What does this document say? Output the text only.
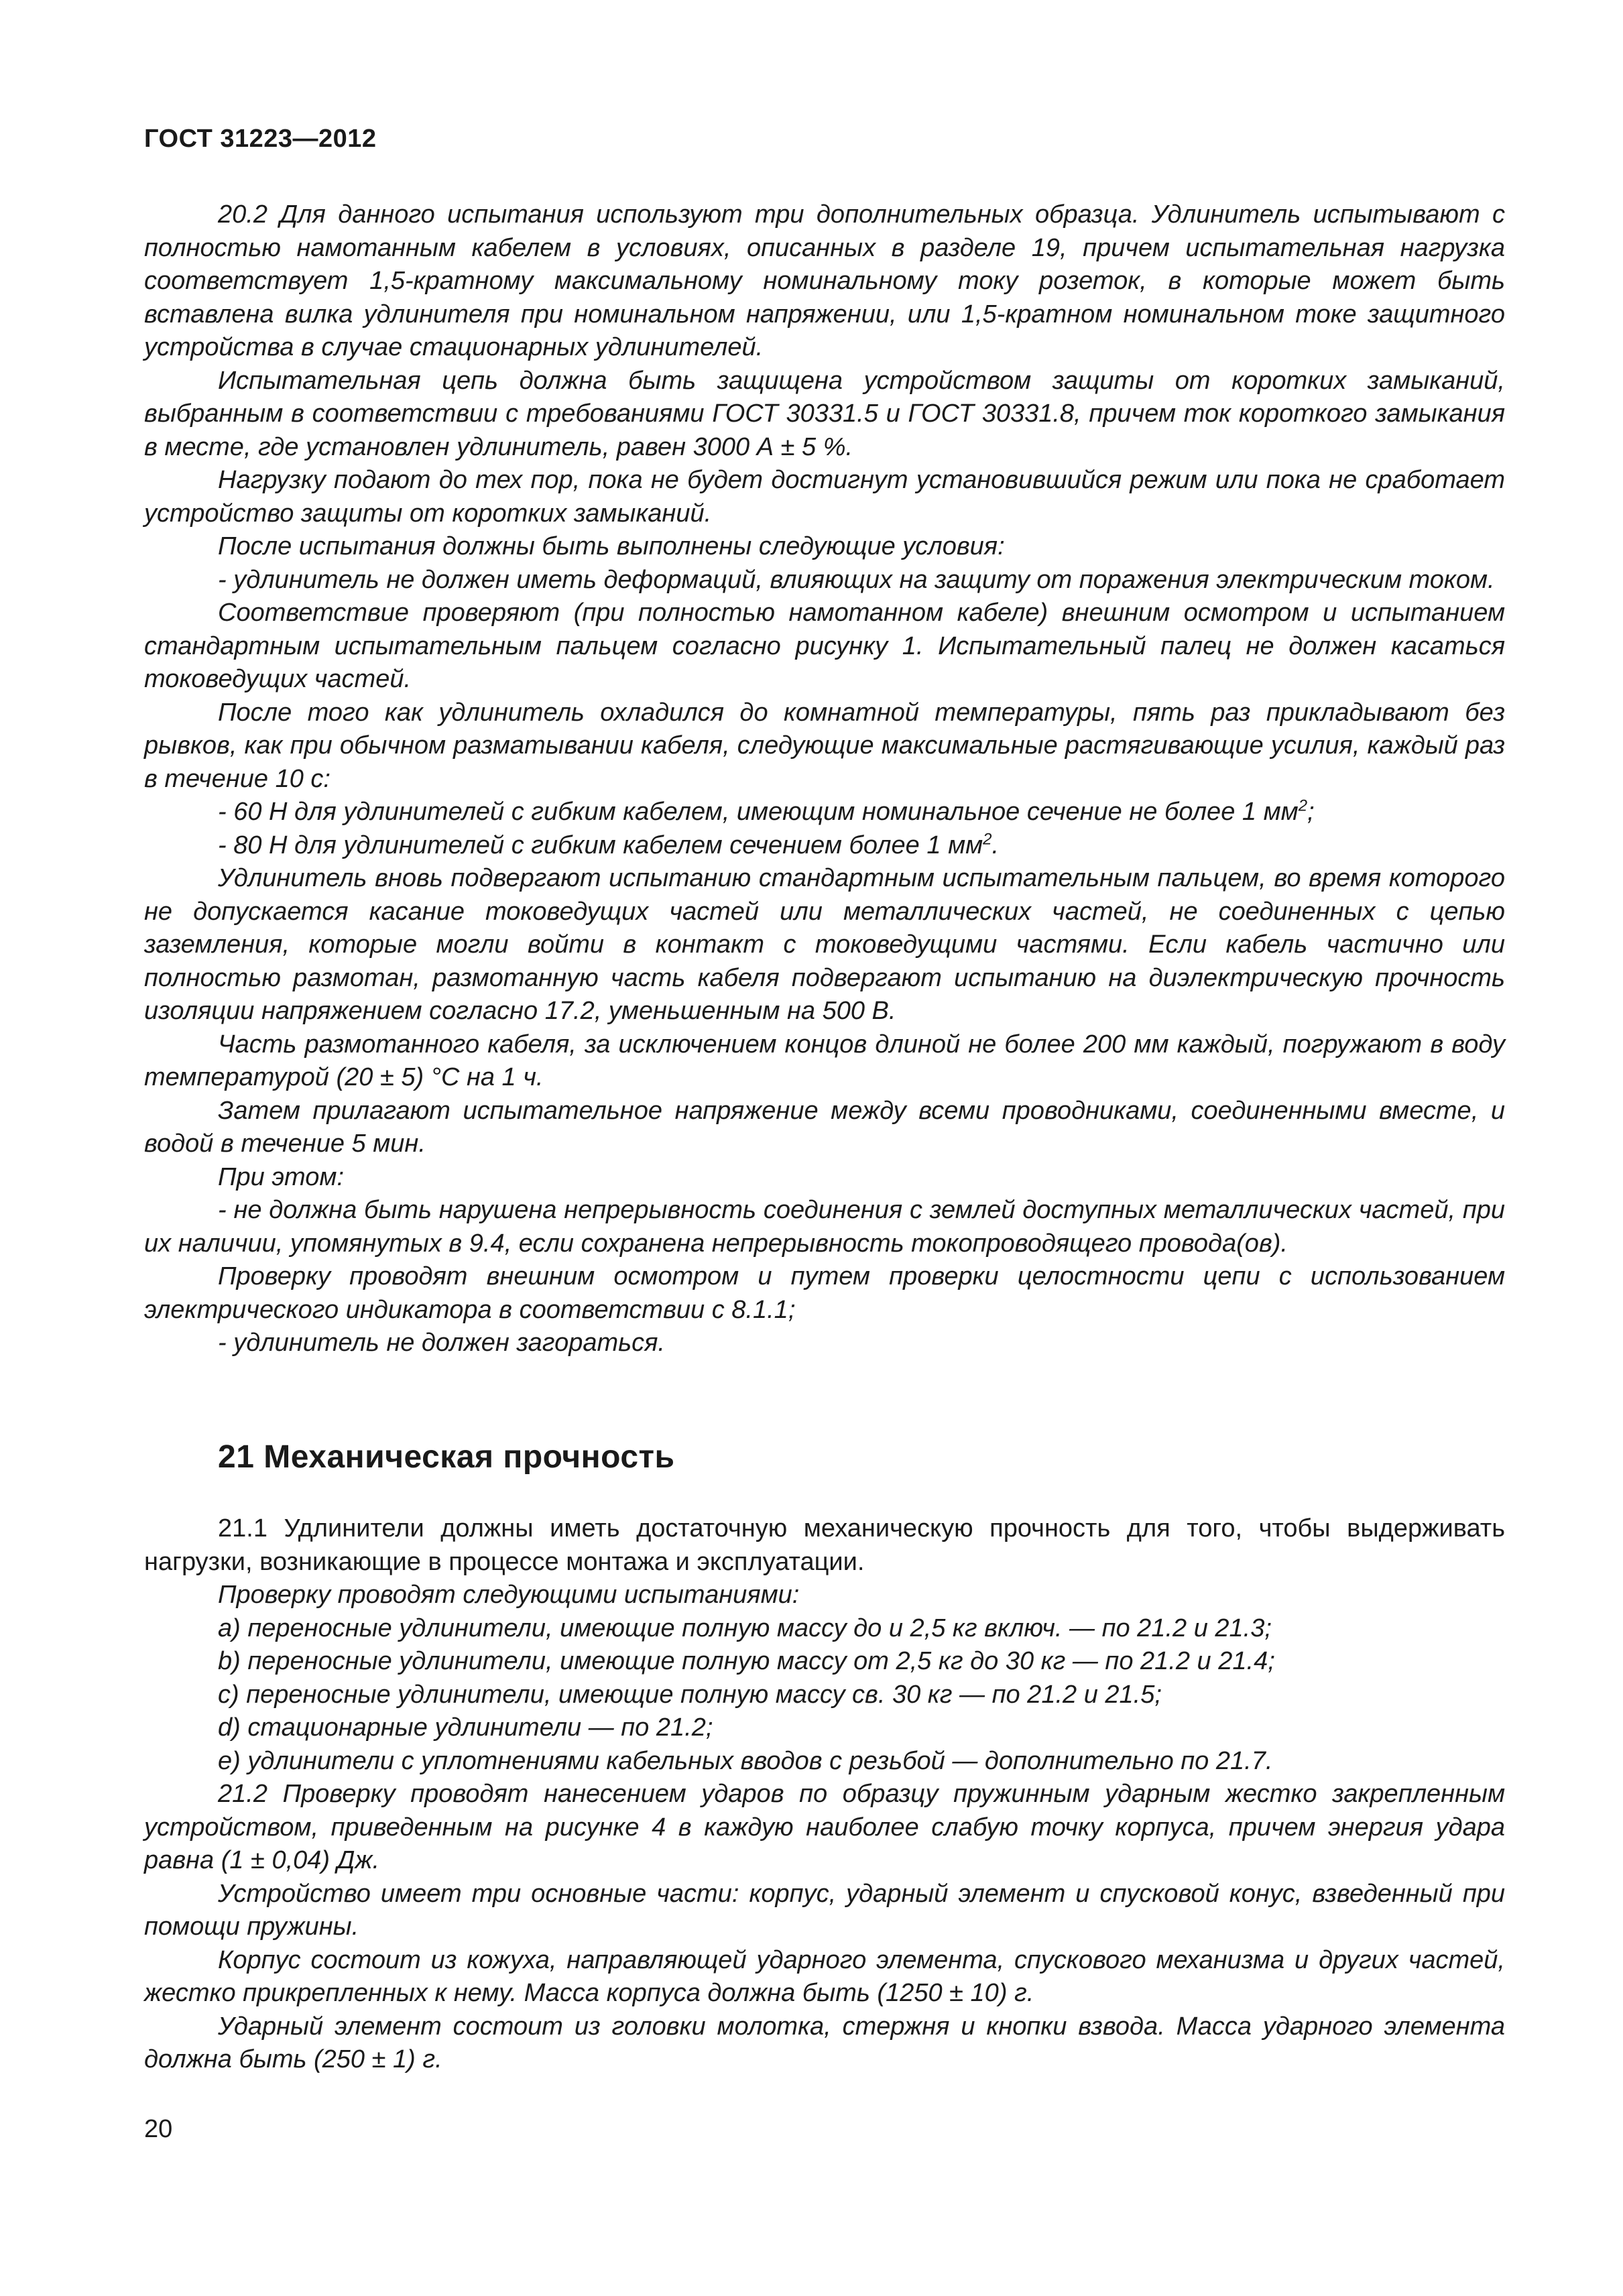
ГОСТ 31223—2012

20.2 Для данного испытания используют три дополнительных образца. Удлинитель испытывают с полностью намотанным кабелем в условиях, описанных в разделе 19, причем испытательная нагрузка соответствует 1,5-кратному максимальному номинальному току розеток, в которые может быть вставлена вилка удлинителя при номинальном напряжении, или 1,5-кратном номинальном токе защитного устройства в случае стационарных удлинителей.

Испытательная цепь должна быть защищена устройством защиты от коротких замыканий, выбранным в соответствии с требованиями ГОСТ 30331.5 и ГОСТ 30331.8, причем ток короткого замыкания в месте, где установлен удлинитель, равен 3000 А ± 5 %.

Нагрузку подают до тех пор, пока не будет достигнут установившийся режим или пока не сработает устройство защиты от коротких замыканий.

После испытания должны быть выполнены следующие условия:

- удлинитель не должен иметь деформаций, влияющих на защиту от поражения электрическим током.

Соответствие проверяют (при полностью намотанном кабеле) внешним осмотром и испытанием стандартным испытательным пальцем согласно рисунку 1. Испытательный палец не должен касаться токоведущих частей.

После того как удлинитель охладился до комнатной температуры, пять раз прикладывают без рывков, как при обычном разматывании кабеля, следующие максимальные растягивающие усилия, каждый раз в течение 10 с:

- 60 Н для удлинителей с гибким кабелем, имеющим номинальное сечение не более 1 $мм^2$;

- 80 Н для удлинителей с гибким кабелем сечением более 1 $мм^2$.

Удлинитель вновь подвергают испытанию стандартным испытательным пальцем, во время которого не допускается касание токоведущих частей или металлических частей, не соединенных с цепью заземления, которые могли войти в контакт с токоведущими частями. Если кабель частично или полностью размотан, размотанную часть кабеля подвергают испытанию на диэлектрическую прочность изоляции напряжением согласно 17.2, уменьшенным на 500 В.

Часть размотанного кабеля, за исключением концов длиной не более 200 мм каждый, погружают в воду температурой (20 ± 5) °С на 1 ч.

Затем прилагают испытательное напряжение между всеми проводниками, соединенными вместе, и водой в течение 5 мин.

При этом:

- не должна быть нарушена непрерывность соединения с землей доступных металлических частей, при их наличии, упомянутых в 9.4, если сохранена непрерывность токопроводящего провода(ов).

Проверку проводят внешним осмотром и путем проверки целостности цепи с использованием электрического индикатора в соответствии с 8.1.1;

- удлинитель не должен загораться.

21 Механическая прочность

21.1 Удлинители должны иметь достаточную механическую прочность для того, чтобы выдерживать нагрузки, возникающие в процессе монтажа и эксплуатации.

Проверку проводят следующими испытаниями:

a) переносные удлинители, имеющие полную массу до и 2,5 кг включ. — по 21.2 и 21.3;

b) переносные удлинители, имеющие полную массу от 2,5 кг до 30 кг — по 21.2 и 21.4;

c) переносные удлинители, имеющие полную массу св. 30 кг — по 21.2 и 21.5;

d) стационарные удлинители — по 21.2;

e) удлинители с уплотнениями кабельных вводов с резьбой — дополнительно по 21.7.

21.2 Проверку проводят нанесением ударов по образцу пружинным ударным жестко закрепленным устройством, приведенным на рисунке 4 в каждую наиболее слабую точку корпуса, причем энергия удара равна (1 ± 0,04) Дж.

Устройство имеет три основные части: корпус, ударный элемент и спусковой конус, взведенный при помощи пружины.

Корпус состоит из кожуха, направляющей ударного элемента, спускового механизма и других частей, жестко прикрепленных к нему. Масса корпуса должна быть (1250 ± 10) г.

Ударный элемент состоит из головки молотка, стержня и кнопки взвода. Масса ударного элемента должна быть (250 ± 1) г.

20
